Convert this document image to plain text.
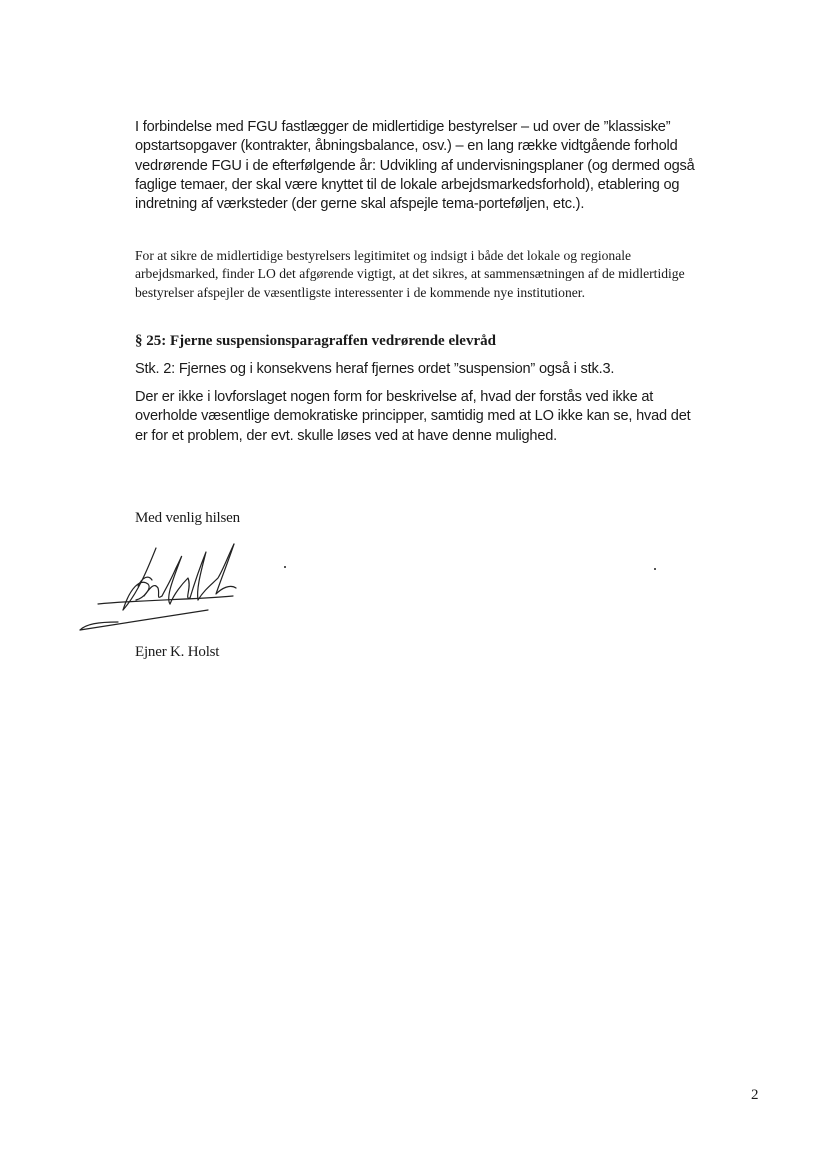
I forbindelse med FGU fastlægger de midlertidige bestyrelser – ud over de ”klassiske” opstartsopgaver (kontrakter, åbningsbalance, osv.) – en lang række vidtgående forhold vedrørende FGU i de efterfølgende år: Udvikling af undervisningsplaner (og dermed også faglige temaer, der skal være knyttet til de lokale arbejdsmarkedsforhold), etablering og indretning af værksteder (der gerne skal afspejle tema-porteføljen, etc.).

For at sikre de midlertidige bestyrelsers legitimitet og indsigt i både det lokale og regionale arbejdsmarked, finder LO det afgørende vigtigt, at det sikres, at sammensætningen af de midlertidige bestyrelser afspejler de væsentligste interessenter i de kommende nye institutioner.

§ 25: Fjerne suspensionsparagraffen vedrørende elevråd

Stk. 2: Fjernes og i konsekvens heraf fjernes ordet ”suspension” også i stk.3.

Der er ikke i lovforslaget nogen form for beskrivelse af, hvad der forstås ved ikke at overholde væsentlige demokratiske principper, samtidig med at LO ikke kan se, hvad det er for et problem, der evt. skulle løses ved at have denne mulighed.

Med venlig hilsen

Ejner K. Holst

2
